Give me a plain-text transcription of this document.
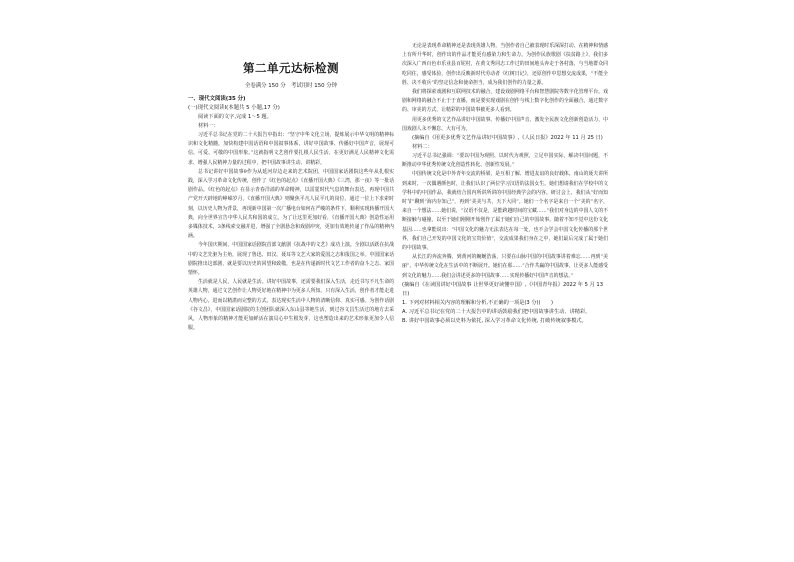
第二单元达标检测
全卷满分 150 分　考试用时 150 分钟
一、现代文阅读(35 分)
(一)现代文阅读Ⅰ(本题共 5 小题,17 分)

阅读下面的文字,完成 1～5 题。

材料一：

习近平总书记在党的二十大报告中指出：“坚守中华文化立场，提炼展示中华文明的精神标识和文化精髓，加快构建中国话语和中国叙事体系，讲好中国故事、传播好中国声音，展现可信、可爱、可敬的中国形象。”这就指明文艺创作要扎根人民生活，在更好满足人民精神文化需求、增强人民精神力量的过程中，把中国故事讲生动、讲精彩。

总书记讲好中国故事9作为从延河岸边走来的艺术院团，中国国家话剧院这些年从扎根实践，深入学习革命文化传统，创作了《红色的起点》《直播开国大典》《三湾，那一夜》等一批话剧作品。《红色的起点》在显示青春洋溢的革命精神，以雷霆时代气息的舞台表达，再现中国共产党开天辟地的峥嵘岁月。《直播开国大典》则聚焦平凡人民平凡的岗位，通过一位上下求索时刻，以历史人物为背景，再现新中国第一次广播电台如何在严峻的条件下，顺利实现转播开国大典，向全世界宣告中华人民共和国的成立。为了让这里更加好看，《直播开国大典》创造性运用多媒体技术，3条线索交融并进，增强了全剧悬念和戏剧冲突，更加有效地传递了作品的精神内涵。

今年国庆期间，中国国家话剧院首部文献剧《抗战中的文艺》成功上演。全剧以活跃在抗战中的文艺先驱为主角，展现了鲁迅、田汉、聂耳等文艺大家的爱国之志和报国之举。中国国家话剧院推出这部剧，就是要以历史的回望和致敬，也是在传递新时代文艺工作者的奋斗之志、家国情怀。

生活就是人民，人民就是生活。讲好中国故事，还需要我们深入生活，走近书写不凡生命的英雄人物，通过文艺创作让人物更好地在精神中为更多人所知。只有深入生活，创作者才能走进人物内心，进而以精湛而完整的方式，表达现实生活中人物的清晰信仰、真实可感。为创作话剧《谷文昌》，中国国家话剧院的主创团队就深入东山县等地生活，到过谷文昌生活过的地方去采风，人物形象的精神才能更加鲜活在演员心中生根发芽，这也塑造出来的艺术形象更加令人信服。

无论是表现革命精神还是表现英雄人物，当创作者自己被表现时乐深深打动、在精神和情感上有所升华时，创作出的作品才能更有感染力和生命力。为创作民族歌剧《扶贫路上》，我们多次深入广西百色市乐业县百坭村，在黄文秀同志工作过的田间地头奔走于各村落，与当地群众同吃同住，感受体验，创作出反映新时代劳动者《红树日记》，还原创作中思想交流成果，“不能全胜、决不收兵”的坚定信念和使命担当，成为我们创作的力量之源。

我们将探索戏剧和互联网技术的融合，建设戏剧网络平台和智慧剧院等数字化管理平台。戏剧和网络的融合不止于于直播，而是要实现戏剧在创作与线上数字化创作的全面融合。通过数字的、审美的方式，让精彩的中国故事被更多人看到。

用更多优秀的文艺作品讲好中国故事、传播好中国声音，激发全民族文化创新创造活力，中国戏剧人永不懈怠、大有可为。

(摘编自《用更多优秀文艺作品讲好中国故事》,《人民日报》2022 年 11 月 25 日)

材料二：

习近平总书记强调：“要以中国为观照、以时代为观照，立足中国实际，解决中国问题，不断推动中华优秀传统文化创造性转化、创新性发展。”

中国传统文化是中外青年交流的桥梁，是互相了解、增进友谊的良好载体。南山的聂夫讲所到来时，一次偶遇颜色时，让我们认识了两位学习汉语的法国女生。她们想请我们在学校中的文学科中的中国作品，我就结合国内所讲所讲的中国经典学会的内容。研讨会上，我们从“好而知时节”聊到“海内存知己”，再到“美美与共，天下大同”。她们一个名字是来自一个“美的”名字，来自一个想法……她们说，“汉语不仅是，是能跨越时间的宝藏……”我们对身边的中国人文的不断接触与碰撞，以至于她们刚刚开始创作了属于她们自己的中国故事。随着不知不觉中这份文化基因……也拿能说出：“中国文化的魅力无法表达在每一处，也不会学会中国文化传播的那个世界，我们自己开发的中国文化的宝贵价值”，交流成果我们身在之中，她们最后完成了属于她们的中国故事。

从长江的奔流奔腾，到黄河的蜿蜒浩荡，只要在山脉中国的中国故事讲着难忘……再到“美丽”，中华传统文化在生活中的不断展开。她们在那……“合作共赢的中国故事，让更多人能感受到文化的魅力……我们会讲述更多的中国故事……实现传播好中国声音的想法。”

(摘编自《在读国讲好中国故事 让世界更好读懂中国》,《中国青年报》2022 年 5 月 13 日)

1. 下列对材料相关内容的理解和分析,不正确的一项是(3 分)(　　)

A. 习近平总书记在党的二十大报告中的讲话鼓励我们把中国故事讲生动、讲精彩。

B. 讲好中国故事必须以史料为依托, 深入学习革命文化传统, 打破传统叙事模式。
